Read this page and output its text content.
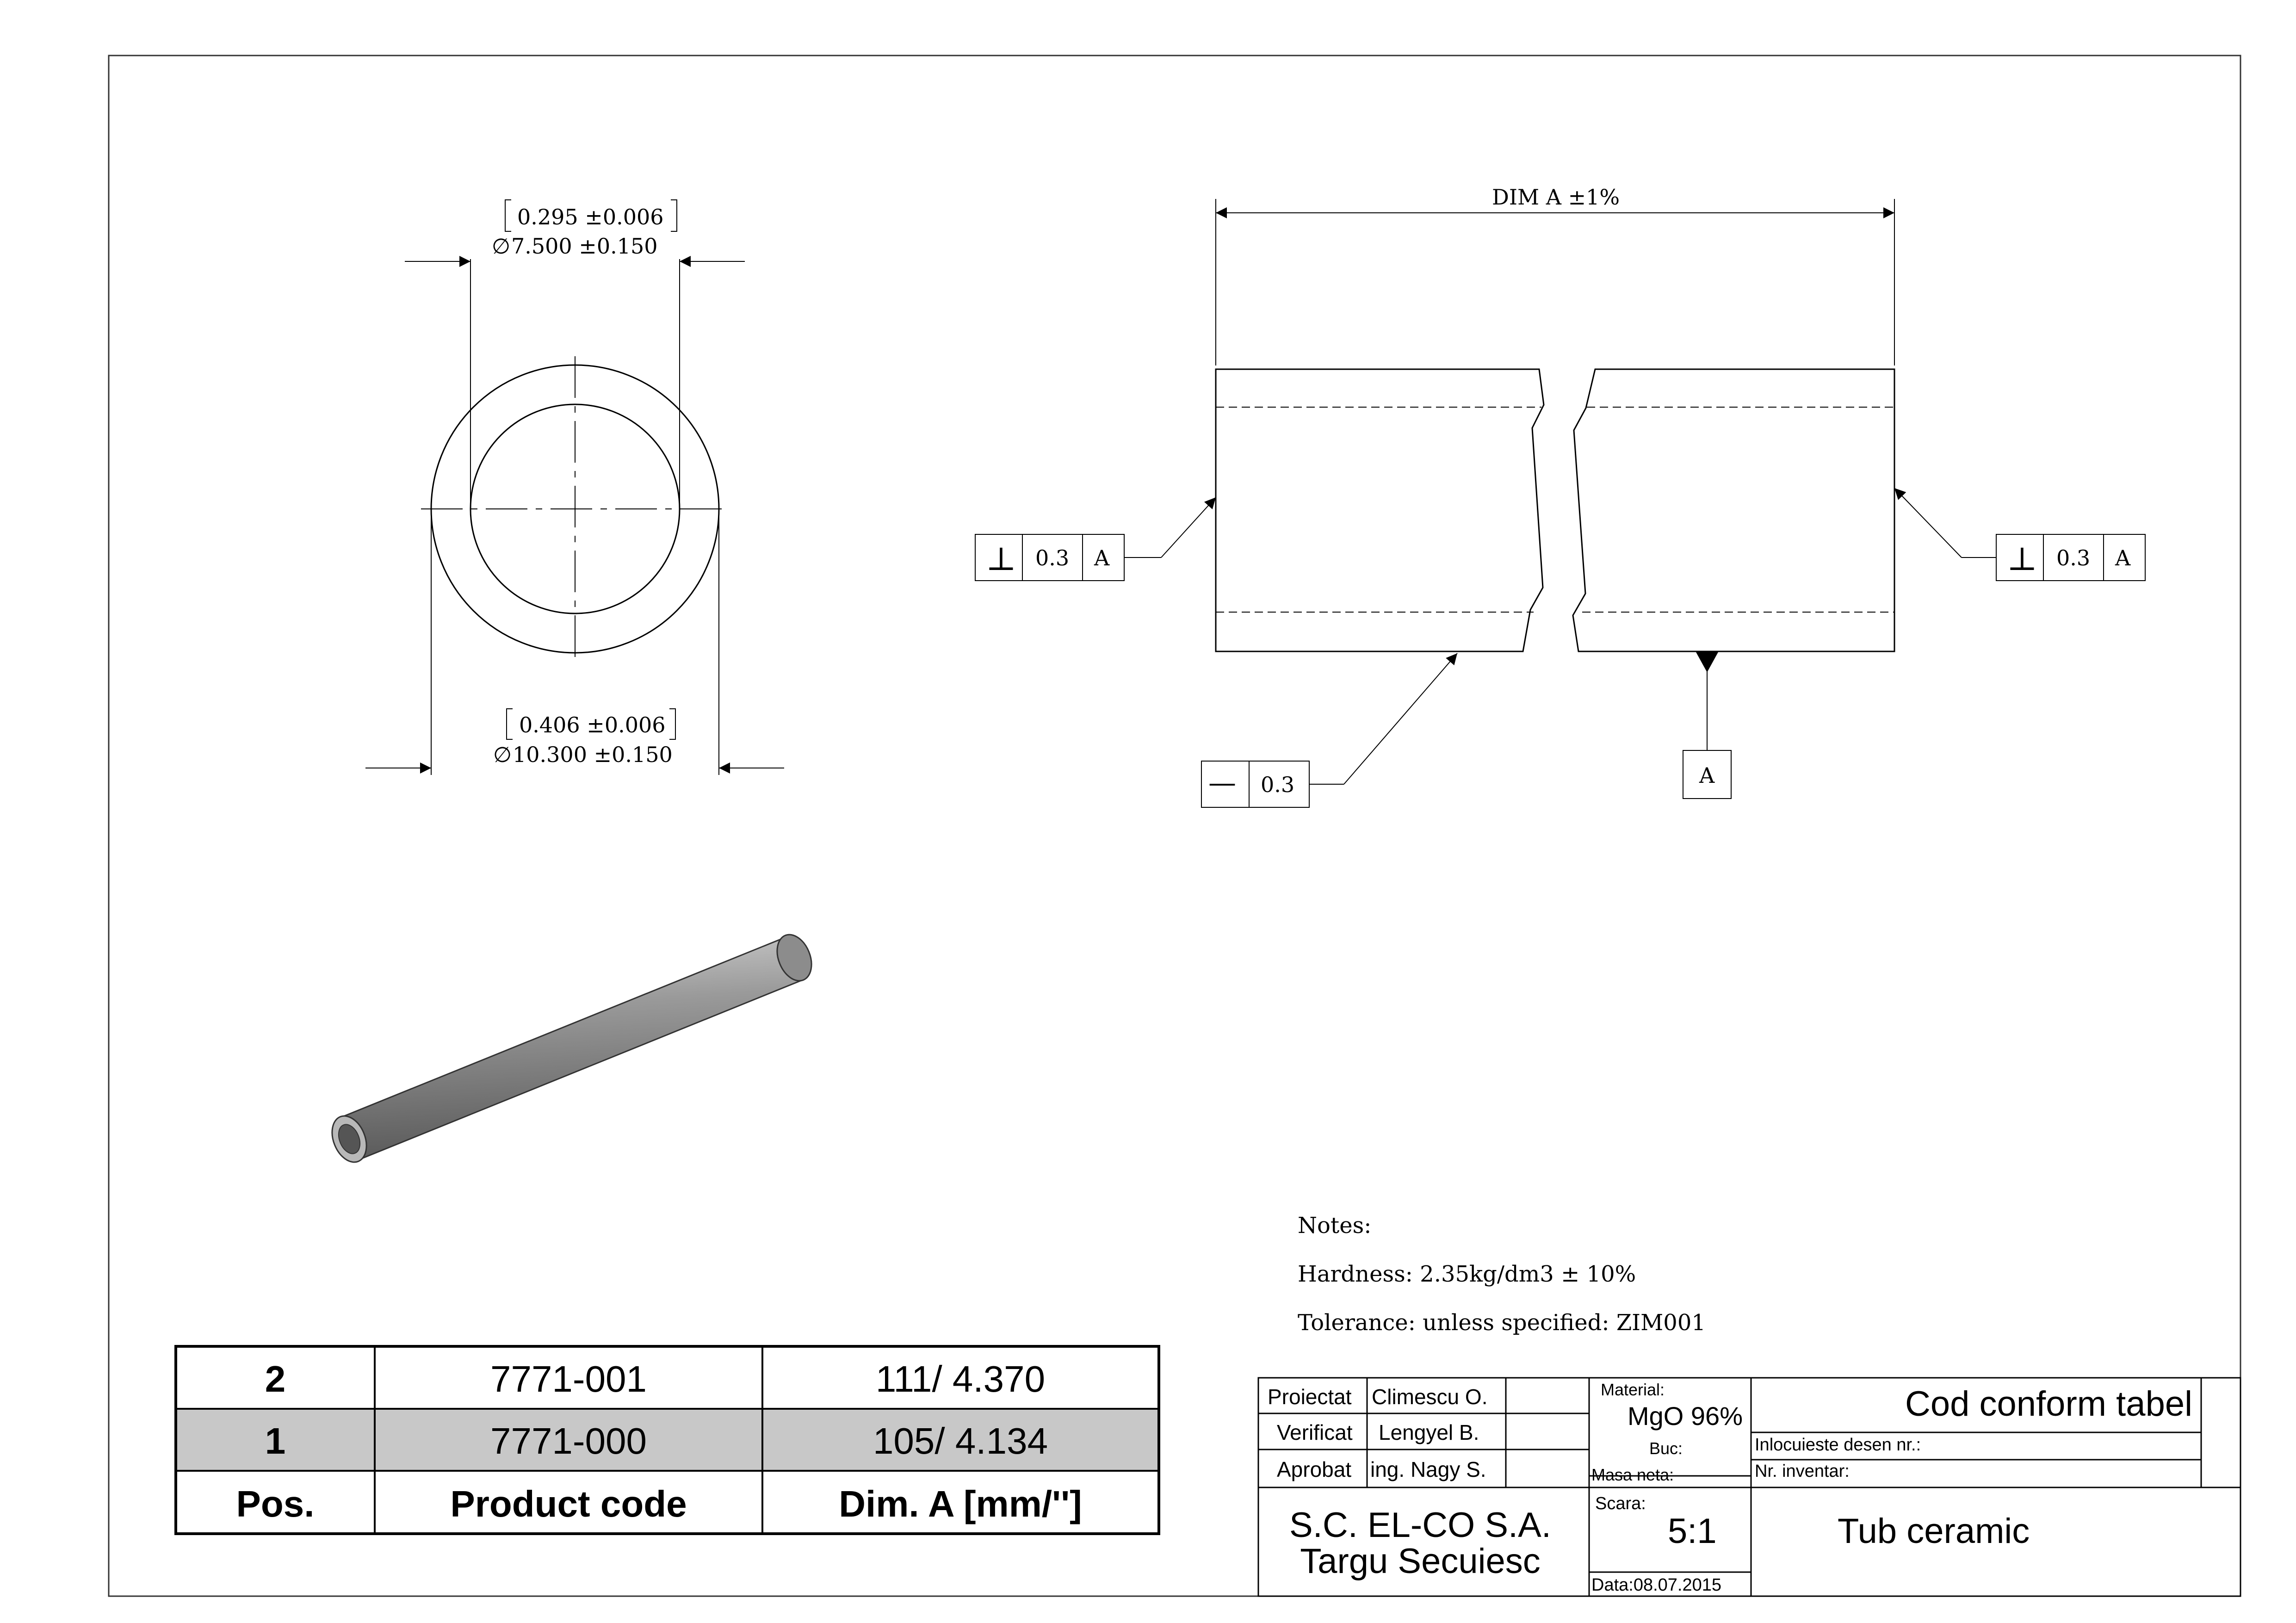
0.295 ±0.006
∅ 7.500 ±0.150
0.406 ±0.006
∅ 10.300 ±0.150
DIM A ±1%
⊥ 0.3 A	⊥ 0.3 A
— 0.3	A
Notes:
Hardness: 2.35kg/dm3 ± 10%
Tolerance: unless specified: ZIM001
2	7771-001	111/ 4.370
1	7771-000	105/ 4.134
Pos.	Product code	Dim. A [mm/'']
Proiectat Climescu O.
Verificat Lengyel B.
Aprobat ing. Nagy S.
Material:
MgO 96%
Buc:
Masa neta:
Scara:
5:1
Data:08.07.2015
Cod conform tabel
Inlocuieste desen nr.:
Nr. inventar:
S.C. EL-CO S.A.
Targu Secuiesc
Tub ceramic
